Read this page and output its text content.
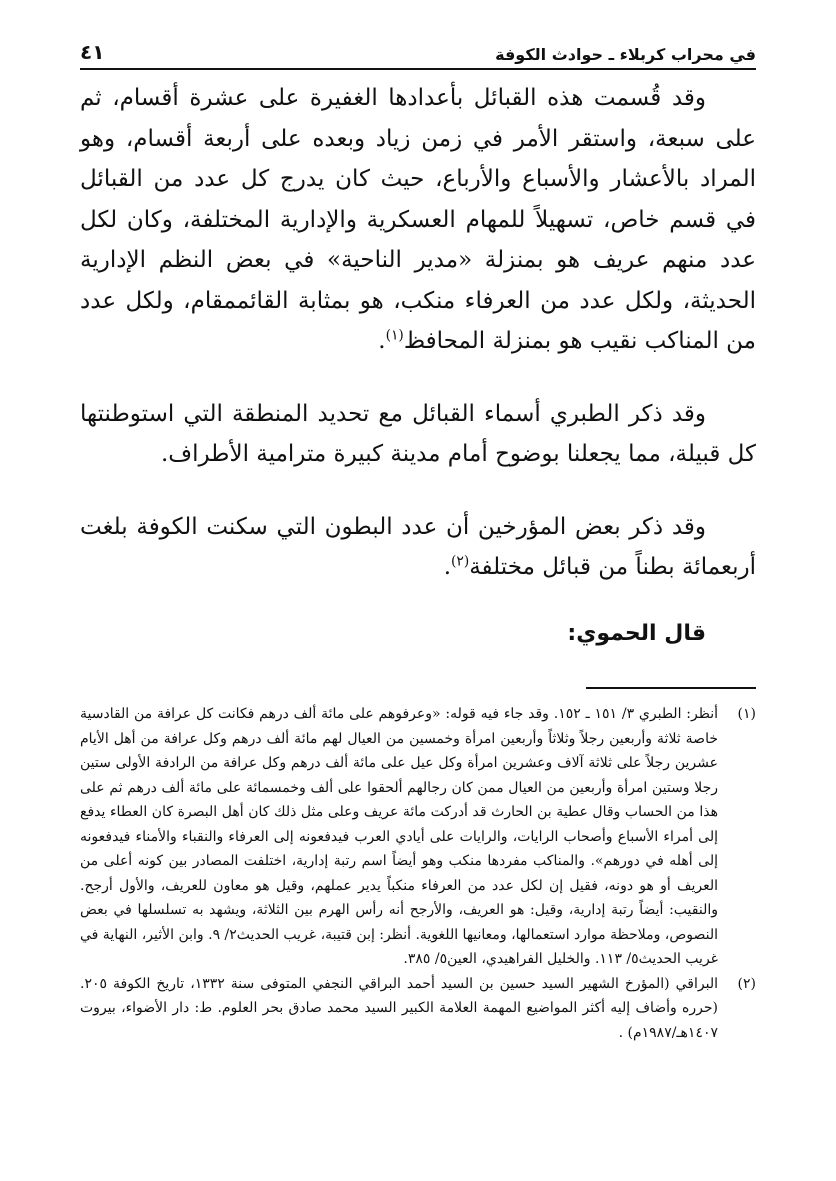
في محراب كربلاء ـ حوادث الكوفة
٤١

وقد قُسمت هذه القبائل بأعدادها الغفيرة على عشرة أقسام، ثم على سبعة، واستقر الأمر في زمن زياد وبعده على أربعة أقسام، وهو المراد بالأعشار والأسباع والأرباع، حيث كان يدرج كل عدد من القبائل في قسم خاص، تسهيلاً للمهام العسكرية والإدارية المختلفة، وكان لكل عدد منهم عريف هو بمنزلة «مدير الناحية» في بعض النظم الإدارية الحديثة، ولكل عدد من العرفاء منكب، هو بمثابة القائممقام، ولكل عدد من المناكب نقيب هو بمنزلة المحافظ$^{(١)}$.

وقد ذكر الطبري أسماء القبائل مع تحديد المنطقة التي استوطنتها كل قبيلة، مما يجعلنا بوضوح أمام مدينة كبيرة مترامية الأطراف.

وقد ذكر بعض المؤرخين أن عدد البطون التي سكنت الكوفة بلغت أربعمائة بطناً من قبائل مختلفة$^{(٢)}$.

قال الحموي:

(١)
أنظر: الطبري ٣/ ١٥١ ـ ١٥٢. وقد جاء فيه قوله: «وعرفوهم على مائة ألف درهم فكانت كل عرافة من القادسية خاصة ثلاثة وأربعين رجلاً وثلاثاً وأربعين امرأة وخمسين من العيال لهم مائة ألف درهم وكل عرافة من أهل الأيام عشرين رجلاً على ثلاثة آلاف وعشرين امرأة وكل عيل على مائة ألف درهم وكل عرافة من الرادفة الأولى ستين رجلا وستين امرأة وأربعين من العيال ممن كان رجالهم ألحقوا على ألف وخمسمائة على مائة ألف درهم ثم على هذا من الحساب وقال عطية بن الحارث قد أدركت مائة عريف وعلى مثل ذلك كان أهل البصرة كان العطاء يدفع إلى أمراء الأسباع وأصحاب الرايات، والرايات على أيادي العرب فيدفعونه إلى العرفاء والنقباء والأمناء فيدفعونه إلى أهله في دورهم». والمناكب مفردها منكب وهو أيضاً اسم رتبة إدارية، اختلفت المصادر بين كونه أعلى من العريف أو هو دونه، فقيل إن لكل عدد من العرفاء منكباً يدير عملهم، وقيل هو معاون للعريف، والأول أرجح. والنقيب: أيضاً رتبة إدارية، وقيل: هو العريف، والأرجح أنه رأس الهرم بين الثلاثة، ويشهد به تسلسلها في بعض النصوص، وملاحظة موارد استعمالها، ومعانيها اللغوية. أنظر: إبن قتيبة، غريب الحديث٢/ ٩. وابن الأثير، النهاية في غريب الحديث٥/ ١١٣. والخليل الفراهيدي، العين٥/ ٣٨٥.
(٢)
البراقي (المؤرخ الشهير السيد حسين بن السيد أحمد البراقي النجفي المتوفى سنة ١٣٣٢، تاريخ الكوفة ٢٠٥. (حرره وأضاف إليه أكثر المواضيع المهمة العلامة الكبير السيد محمد صادق بحر العلوم. ط: دار الأضواء، بيروت ١٤٠٧هـ/١٩٨٧م) .
